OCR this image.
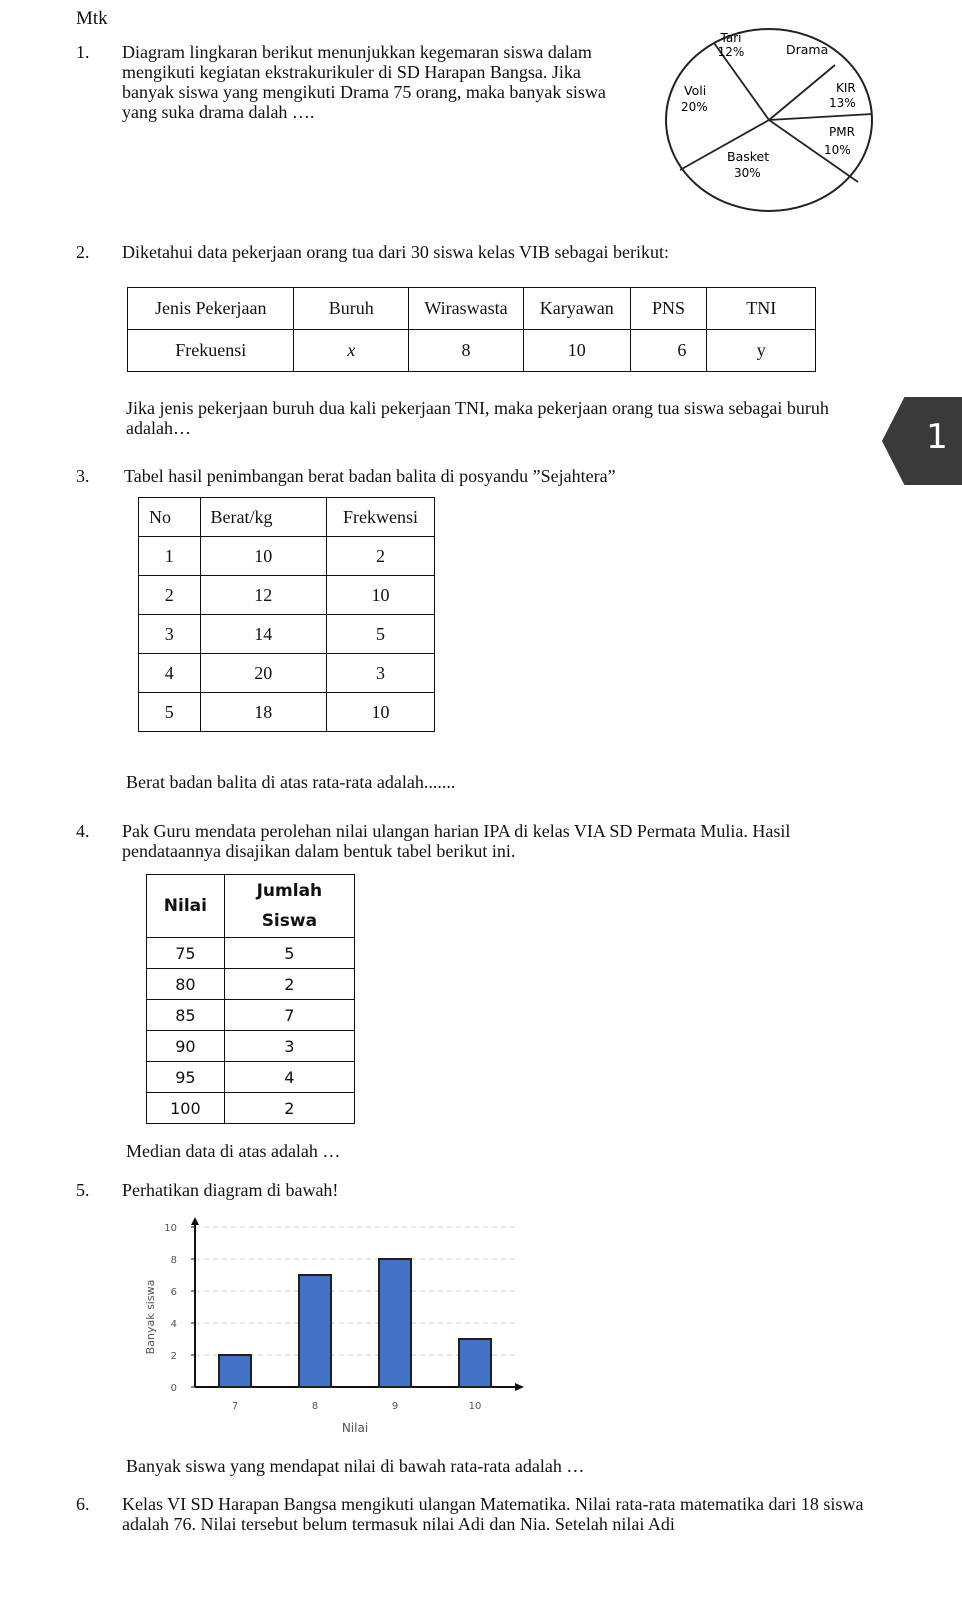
Mtk
1. Diagram lingkaran berikut menunjukkan kegemaran siswa dalam mengikuti kegiatan ekstrakurikuler di SD Harapan Bangsa. Jika banyak siswa yang mengikuti Drama 75 orang, maka banyak siswa yang suka drama dalah ….
Tari
12%	Drama
KIR
13%
PMR
10%
Basket
30%
Voli
20%
2. Diketahui data pekerjaan orang tua dari 30 siswa kelas VIB sebagai berikut:
Jenis Pekerjaan	Buruh	Wiraswasta	Karyawan	PNS	TNI
Frekuensi	x	8	10	6	y
Jika jenis pekerjaan buruh dua kali pekerjaan TNI, maka pekerjaan orang tua siswa sebagai buruh adalah…	1
3. Tabel hasil penimbangan berat badan balita di posyandu ”Sejahtera”
No	Berat/kg	Frekwensi
1	10	2
2	12	10
3	14	5
4	20	3
5	18	10
Berat badan balita di atas rata-rata adalah.......
4. Pak Guru mendata perolehan nilai ulangan harian IPA di kelas VIA SD Permata Mulia. Hasil pendataannya disajikan dalam bentuk tabel berikut ini.
Nilai	Jumlah Siswa
75	5
80	2
85	7
90	3
95	4
100	2
Median data di atas adalah …
5. Perhatikan diagram di bawah!
0
2
4
6
8
10
7	8	9	10
Nilai
Banyak siswa
Banyak siswa yang mendapat nilai di bawah rata-rata adalah …
6. Kelas VI SD Harapan Bangsa mengikuti ulangan Matematika. Nilai rata-rata matematika dari 18 siswa adalah 76. Nilai tersebut belum termasuk nilai Adi dan Nia. Setelah nilai Adi
